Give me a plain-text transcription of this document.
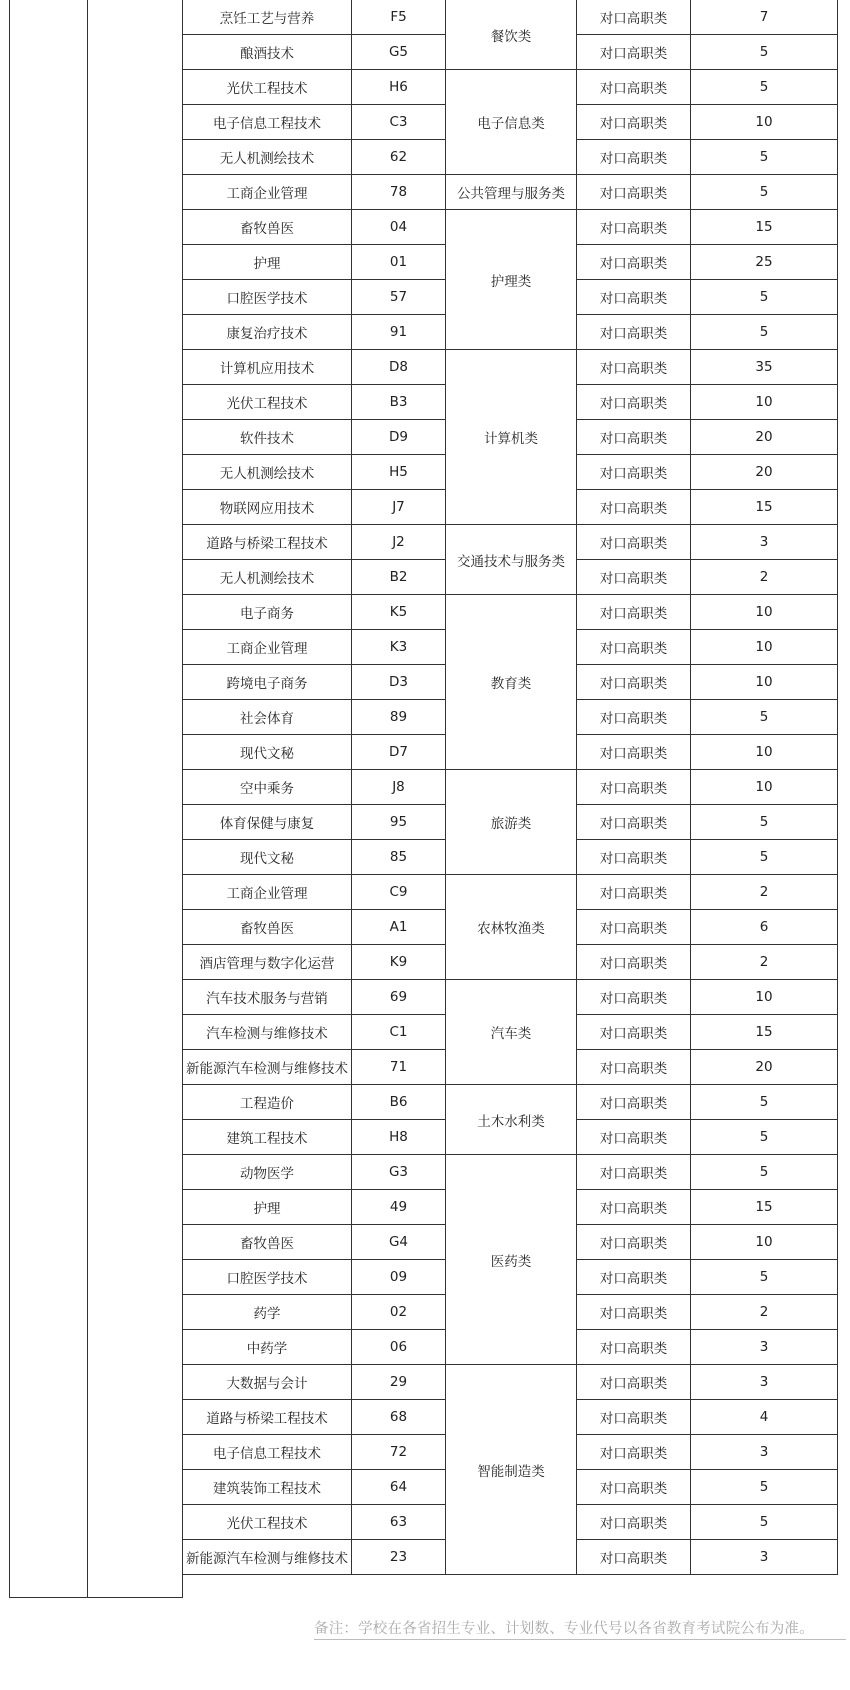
烹饪工艺与营养	F5	餐饮类	对口高职类	7
酿酒技术	G5		对口高职类	5
光伏工程技术	H6	电子信息类	对口高职类	5
电子信息工程技术	C3		对口高职类	10
无人机测绘技术	62		对口高职类	5
工商企业管理	78	公共管理与服务类	对口高职类	5
畜牧兽医	04	护理类	对口高职类	15
护理	01		对口高职类	25
口腔医学技术	57		对口高职类	5
康复治疗技术	91		对口高职类	5
计算机应用技术	D8	计算机类	对口高职类	35
光伏工程技术	B3		对口高职类	10
软件技术	D9		对口高职类	20
无人机测绘技术	H5		对口高职类	20
物联网应用技术	J7		对口高职类	15
道路与桥梁工程技术	J2	交通技术与服务类	对口高职类	3
无人机测绘技术	B2		对口高职类	2
电子商务	K5	教育类	对口高职类	10
工商企业管理	K3		对口高职类	10
跨境电子商务	D3		对口高职类	10
社会体育	89		对口高职类	5
现代文秘	D7		对口高职类	10
空中乘务	J8	旅游类	对口高职类	10
体育保健与康复	95		对口高职类	5
现代文秘	85		对口高职类	5
工商企业管理	C9	农林牧渔类	对口高职类	2
畜牧兽医	A1		对口高职类	6
酒店管理与数字化运营	K9		对口高职类	2
汽车技术服务与营销	69	汽车类	对口高职类	10
汽车检测与维修技术	C1		对口高职类	15
新能源汽车检测与维修技术	71		对口高职类	20
工程造价	B6	土木水利类	对口高职类	5
建筑工程技术	H8		对口高职类	5
动物医学	G3	医药类	对口高职类	5
护理	49		对口高职类	15
畜牧兽医	G4		对口高职类	10
口腔医学技术	09		对口高职类	5
药学	02		对口高职类	2
中药学	06		对口高职类	3
大数据与会计	29	智能制造类	对口高职类	3
道路与桥梁工程技术	68		对口高职类	4
电子信息工程技术	72		对口高职类	3
建筑装饰工程技术	64		对口高职类	5
光伏工程技术	63		对口高职类	5
新能源汽车检测与维修技术	23		对口高职类	3
备注：学校在各省招生专业、计划数、专业代号以各省教育考试院公布为准。
